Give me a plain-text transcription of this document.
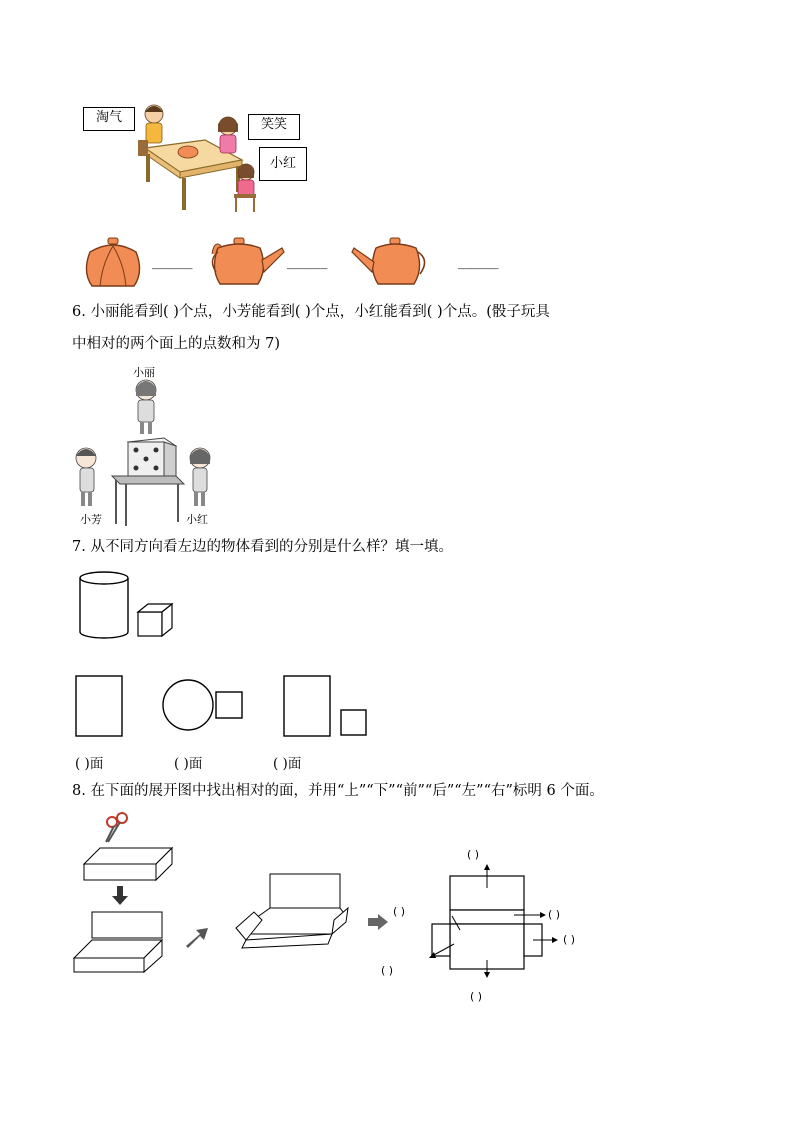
淘气	笑笑
小红
______	______	______
6. 小丽能看到( )个点，小芳能看到( )个点，小红能看到( )个点。(骰子玩具
中相对的两个面上的点数和为 7)
小丽
小芳	小红
7. 从不同方向看左边的物体看到的分别是什么样？填一填。
( )面	( )面	( )面
8. 在下面的展开图中找出相对的面，并用“上”“下”“前”“后”“左”“右”标明 6 个面。
( )
( )	( )
( )
( )
( )
